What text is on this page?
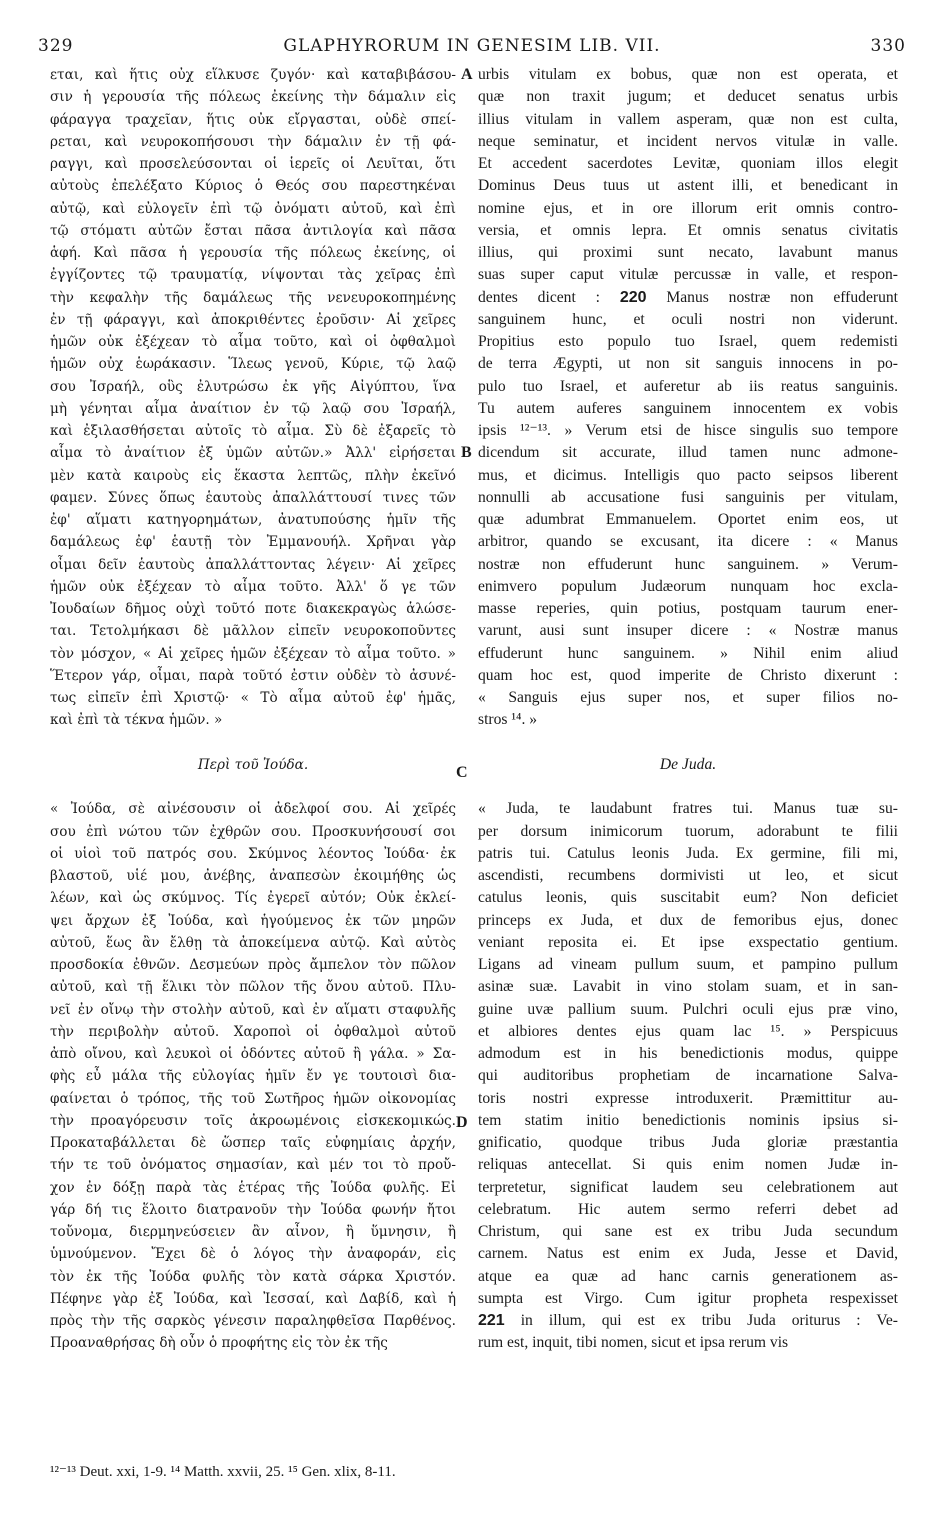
329	GLAPHYRORUM IN GENESIM LIB. VII.	330
εται, καὶ ἥτις οὐχ εἵλκυσε ζυγόν· καὶ καταβιβάσου-
σιν ἡ γερουσία τῆς πόλεως ἐκείνης τὴν δάμαλιν εἰς
φάραγγα τραχεῖαν, ἥτις οὐκ εἴργασται, οὐδὲ σπεί-
ρεται, καὶ νευροκοπήσουσι τὴν δάμαλιν ἐν τῇ φά-
ραγγι, καὶ προσελεύσονται οἱ ἱερεῖς οἱ Λευῖται, ὅτι
αὐτοὺς ἐπελέξατο Κύριος ὁ Θεός σου παρεστηκέναι
αὐτῷ, καὶ εὐλογεῖν ἐπὶ τῷ ὀνόματι αὐτοῦ, καὶ ἐπὶ
τῷ στόματι αὐτῶν ἔσται πᾶσα ἀντιλογία καὶ πᾶσα
ἁφή. Καὶ πᾶσα ἡ γερουσία τῆς πόλεως ἐκείνης, οἱ
ἐγγίζοντες τῷ τραυματίᾳ, νίψονται τὰς χεῖρας ἐπὶ
τὴν κεφαλὴν τῆς δαμάλεως τῆς νενευροκοπημένης
ἐν τῇ φάραγγι, καὶ ἀποκριθέντες ἐροῦσιν· Αἱ χεῖρες
ἡμῶν οὐκ ἐξέχεαν τὸ αἷμα τοῦτο, καὶ οἱ ὀφθαλμοὶ
ἡμῶν οὐχ ἑωράκασιν. Ἵλεως γενοῦ, Κύριε, τῷ λαῷ
σου Ἰσραήλ, οὓς ἐλυτρώσω ἐκ γῆς Αἰγύπτου, ἵνα
μὴ γένηται αἷμα ἀναίτιον ἐν τῷ λαῷ σου Ἰσραήλ,
καὶ ἐξιλασθήσεται αὐτοῖς τὸ αἷμα. Σὺ δὲ ἐξαρεῖς τὸ
αἷμα τὸ ἀναίτιον ἐξ ὑμῶν αὐτῶν.» Ἀλλ' εἰρήσεται
μὲν κατὰ καιροὺς εἰς ἕκαστα λεπτῶς, πλὴν ἐκεῖνό
φαμεν. Σύνες ὅπως ἑαυτοὺς ἀπαλλάττουσί τινες τῶν
ἐφ' αἵματι κατηγορημάτων, ἀνατυπούσης ἡμῖν τῆς
δαμάλεως ἐφ' ἑαυτῇ τὸν Ἐμμανουήλ. Χρῆναι γὰρ
οἶμαι δεῖν ἑαυτοὺς ἀπαλλάττοντας λέγειν· Αἱ χεῖρες
ἡμῶν οὐκ ἐξέχεαν τὸ αἷμα τοῦτο. Ἀλλ' ὅ γε τῶν
Ἰουδαίων δῆμος οὐχὶ τοῦτό ποτε διακεκραγὼς ἁλώσε-
ται. Τετολμήκασι δὲ μᾶλλον εἰπεῖν νευροκοποῦντες
τὸν μόσχον, « Αἱ χεῖρες ἡμῶν ἐξέχεαν τὸ αἷμα τοῦτο. »
Ἕτερον γάρ, οἶμαι, παρὰ τοῦτό ἐστιν οὐδὲν τὸ ἀσυνέ-
τως εἰπεῖν ἐπὶ Χριστῷ· « Τὸ αἷμα αὐτοῦ ἐφ' ἡμᾶς,
καὶ ἐπὶ τὰ τέκνα ἡμῶν. »
Περὶ τοῦ Ἰούδα.
« Ἰούδα, σὲ αἰνέσουσιν οἱ ἀδελφοί σου. Αἱ χεῖρές
σου ἐπὶ νώτου τῶν ἐχθρῶν σου. Προσκυνήσουσί σοι
οἱ υἱοὶ τοῦ πατρός σου. Σκύμνος λέοντος Ἰούδα· ἐκ
βλαστοῦ, υἱέ μου, ἀνέβης, ἀναπεσὼν ἐκοιμήθης ὡς
λέων, καὶ ὡς σκύμνος. Τίς ἐγερεῖ αὐτόν; Οὐκ ἐκλεί-
ψει ἄρχων ἐξ Ἰούδα, καὶ ἡγούμενος ἐκ τῶν μηρῶν
αὐτοῦ, ἕως ἂν ἔλθῃ τὰ ἀποκείμενα αὐτῷ. Καὶ αὐτὸς
προσδοκία ἐθνῶν. Δεσμεύων πρὸς ἄμπελον τὸν πῶλον
αὐτοῦ, καὶ τῇ ἕλικι τὸν πῶλον τῆς ὄνου αὐτοῦ. Πλυ-
νεῖ ἐν οἴνῳ τὴν στολὴν αὐτοῦ, καὶ ἐν αἵματι σταφυλῆς
τὴν περιβολὴν αὐτοῦ. Χαροποὶ οἱ ὀφθαλμοὶ αὐτοῦ
ἀπὸ οἴνου, καὶ λευκοὶ οἱ ὀδόντες αὐτοῦ ἢ γάλα. » Σα-
φὴς εὖ μάλα τῆς εὐλογίας ἡμῖν ἔν γε τουτοισὶ δια-
φαίνεται ὁ τρόπος, τῆς τοῦ Σωτῆρος ἡμῶν οἰκονομίας
τὴν προαγόρευσιν τοῖς ἀκροωμένοις εἰσκεκομικώς.
Προκαταβάλλεται δὲ ὥσπερ ταῖς εὐφημίαις ἀρχήν,
τήν τε τοῦ ὀνόματος σημασίαν, καὶ μέν τοι τὸ προὔ-
χον ἐν δόξῃ παρὰ τὰς ἑτέρας τῆς Ἰούδα φυλῆς. Εἰ
γάρ δή τις ἕλοιτο διατρανοῦν τὴν Ἰούδα φωνήν ἤτοι
τοὔνομα, διερμηνεύσειεν ἂν αἶνον, ἢ ὕμνησιν, ἢ
ὑμνούμενον. Ἔχει δὲ ὁ λόγος τὴν ἀναφοράν, εἰς
τὸν ἐκ τῆς Ἰούδα φυλῆς τὸν κατὰ σάρκα Χριστόν.
Πέφηνε γὰρ ἐξ Ἰούδα, καὶ Ἰεσσαί, καὶ Δαβίδ, καὶ ἡ
πρὸς τὴν τῆς σαρκὸς γένεσιν παραληφθεῖσα Παρθένος.
Προαναθρήσας δὴ οὖν ὁ προφήτης εἰς τὸν ἐκ τῆς
urbis vitulam ex bobus, quæ non est operata, et
quæ non traxit jugum; et deducet senatus urbis
illius vitulam in vallem asperam, quæ non est culta,
neque seminatur, et incident nervos vitulæ in valle.
Et accedent sacerdotes Levitæ, quoniam illos elegit
Dominus Deus tuus ut astent illi, et benedicant in
nomine ejus, et in ore illorum erit omnis contro-
versia, et omnis lepra. Et omnis senatus civitatis
illius, qui proximi sunt necato, lavabunt manus
suas super caput vitulæ percussæ in valle, et respon-
dentes dicent : 220 Manus nostræ non effuderunt
sanguinem hunc, et oculi nostri non viderunt.
Propitius esto populo tuo Israel, quem redemisti
de terra Ægypti, ut non sit sanguis innocens in po-
pulo tuo Israel, et auferetur ab iis reatus sanguinis.
Tu autem auferes sanguinem innocentem ex vobis
ipsis ¹²⁻¹³. » Verum etsi de hisce singulis suo tempore
dicendum sit accurate, illud tamen nunc admone-
mus, et dicimus. Intelligis quo pacto seipsos liberent
nonnulli ab accusatione fusi sanguinis per vitulam,
quæ adumbrat Emmanuelem. Oportet enim eos, ut
arbitror, quando se excusant, ita dicere : « Manus
nostræ non effuderunt hunc sanguinem. » Verum-
enimvero populum Judæorum nunquam hoc excla-
masse reperies, quin potius, postquam taurum ener-
varunt, ausi sunt insuper dicere : « Nostræ manus
effuderunt hunc sanguinem. » Nihil enim aliud
quam hoc est, quod imperite de Christo dixerunt :
« Sanguis ejus super nos, et super filios no-
stros ¹⁴. »
De Juda.
« Juda, te laudabunt fratres tui. Manus tuæ su-
per dorsum inimicorum tuorum, adorabunt te filii
patris tui. Catulus leonis Juda. Ex germine, fili mi,
ascendisti, recumbens dormivisti ut leo, et sicut
catulus leonis, quis suscitabit eum? Non deficiet
princeps ex Juda, et dux de femoribus ejus, donec
veniant reposita ei. Et ipse exspectatio gentium.
Ligans ad vineam pullum suum, et pampino pullum
asinæ suæ. Lavabit in vino stolam suam, et in san-
guine uvæ pallium suum. Pulchri oculi ejus præ vino,
et albiores dentes ejus quam lac ¹⁵. » Perspicuus
admodum est in his benedictionis modus, quippe
qui auditoribus prophetiam de incarnatione Salva-
toris nostri expresse introduxerit. Præmittitur au-
tem statim initio benedictionis nominis ipsius si-
gnificatio, quodque tribus Juda gloriæ præstantia
reliquas antecellat. Si quis enim nomen Judæ in-
terpretetur, significat laudem seu celebrationem aut
celebratum. Hic autem sermo referri debet ad
Christum, qui sane est ex tribu Juda secundum
carnem. Natus est enim ex Juda, Jesse et David,
atque ea quæ ad hanc carnis generationem as-
sumpta est Virgo. Cum igitur propheta respexisset
221 in illum, qui est ex tribu Juda oriturus : Ve-
rum est, inquit, tibi nomen, sicut et ipsa rerum vis
A
B
C
D
¹²⁻¹³ Deut. xxi, 1-9. ¹⁴ Matth. xxvii, 25. ¹⁵ Gen. xlix, 8-11.
